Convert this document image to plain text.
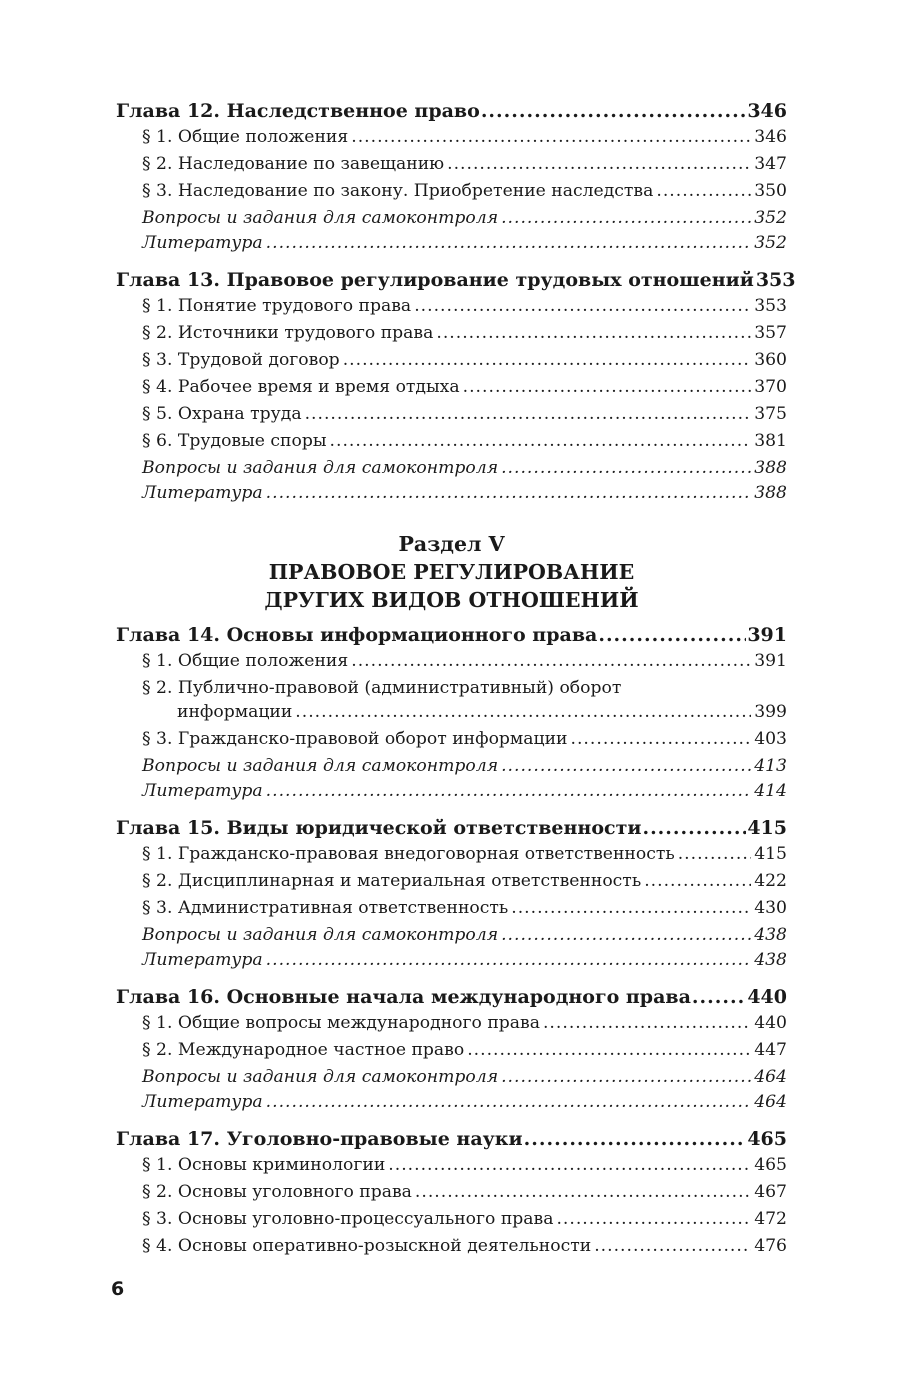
Глава 12. Наследственное право .....	346
§ 1. Общие положения .....	346
§ 2. Наследование по завещанию .....	347
§ 3. Наследование по закону. Приобретение наследства .....	350
Вопросы и задания для самоконтроля .....	352
Литература .....	352
Глава 13. Правовое регулирование трудовых отношений 353
§ 1. Понятие трудового права .....	353
§ 2. Источники трудового права .....	357
§ 3. Трудовой договор .....	360
§ 4. Рабочее время и время отдыха .....	370
§ 5. Охрана труда .....	375
§ 6. Трудовые споры .....	381
Вопросы и задания для самоконтроля .....	388
Литература .....	388
Раздел V
ПРАВОВОЕ РЕГУЛИРОВАНИЕ
ДРУГИХ ВИДОВ ОТНОШЕНИЙ
Глава 14. Основы информационного права .....	391
§ 1. Общие положения .....	391
§ 2. Публично-правовой (административный) оборот
информации .....	399
§ 3. Гражданско-правовой оборот информации .....	403
Вопросы и задания для самоконтроля .....	413
Литература .....	414
Глава 15. Виды юридической ответственности .....	415
§ 1. Гражданско-правовая внедоговорная ответственность .....	415
§ 2. Дисциплинарная и материальная ответственность .....	422
§ 3. Административная ответственность .....	430
Вопросы и задания для самоконтроля .....	438
Литература .....	438
Глава 16. Основные начала международного права .....	440
§ 1. Общие вопросы международного права .....	440
§ 2. Международное частное право .....	447
Вопросы и задания для самоконтроля .....	464
Литература .....	464
Глава 17. Уголовно-правовые науки .....	465
§ 1. Основы криминологии .....	465
§ 2. Основы уголовного права .....	467
§ 3. Основы уголовно-процессуального права .....	472
§ 4. Основы оперативно-розыскной деятельности .....	476
6
